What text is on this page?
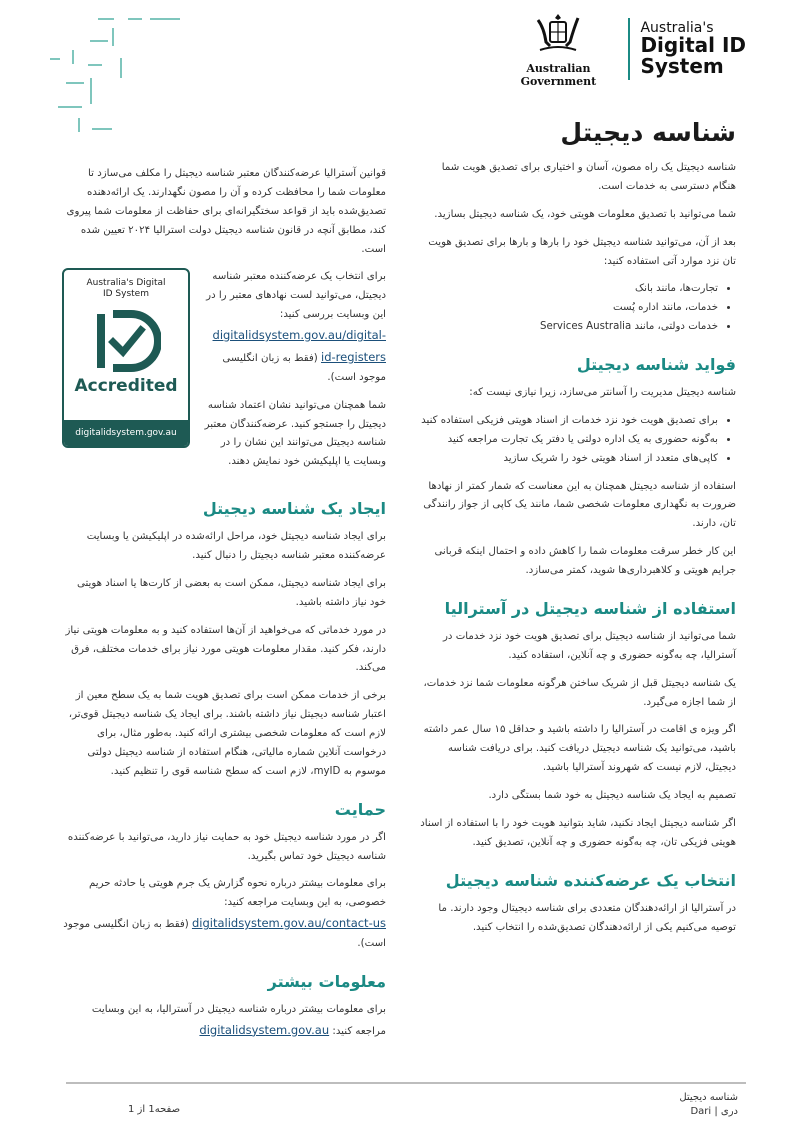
Australian Government
Australia's
Digital ID
System
شناسه دیجیتل

شناسه دیجیتل یک راه مصون، آسان و اختیاری برای تصدیق هویت شما هنگام دسترسی به خدمات است.

شما می‌توانید با تصدیق معلومات هویتی خود، یک شناسه دیجیتل بسازید.

بعد از آن، می‌توانید شناسه دیجیتل خود را بارها و بارها برای تصدیق هویت تان نزد موارد آتی استفاده کنید:

• تجارت‌ها، مانند بانک
• خدمات، مانند اداره پُست
• خدمات دولتی، مانند Services Australia
فواید شناسه دیجیتل

شناسه دیجیتل مدیریت را آسانتر می‌سازد، زیرا نیازی نیست که:

• برای تصدیق هویت خود نزد خدمات از اسناد هویتی فزیکی استفاده کنید
• به‌گونه حضوری به یک اداره دولتی یا دفتر یک تجارت مراجعه کنید
• کاپی‌های متعدد از اسناد هویتی خود را شریک سازید

استفاده از شناسه دیجیتل همچنان به این معناست که شمار کمتر از نهادها ضرورت به نگهداری معلومات شخصی شما، مانند یک کاپی از جواز رانندگی تان، دارند.

این کار خطر سرقت معلومات شما را کاهش داده و احتمال اینکه قربانی جرایم هویتی و کلاهبرداری‌ها شوید، کمتر می‌سازد.

استفاده از شناسه دیجیتل در آسترالیا

شما می‌توانید از شناسه دیجیتل برای تصدیق هویت خود نزد خدمات در آسترالیا، چه به‌گونه حضوری و چه آنلاین، استفاده کنید.

یک شناسه دیجیتل قبل از شریک ساختن هرگونه معلومات شما نزد خدمات، از شما اجازه می‌گیرد.

اگر ویزه ی اقامت در آسترالیا را داشته باشید و حداقل ۱۵ سال عمر داشته باشید، می‌توانید یک شناسه دیجیتل دریافت کنید. برای دریافت شناسه دیجیتل، لازم نیست که شهروند آسترالیا باشید.

تصمیم به ایجاد یک شناسه دیجیتل به خود شما بستگی دارد.

اگر شناسه دیجیتل ایجاد نکنید، شاید بتوانید هویت خود را با استفاده از اسناد هویتی فزیکی تان، چه به‌گونه حضوری و چه آنلاین، تصدیق کنید.

انتخاب یک عرضه‌کننده شناسه دیجیتل

در آسترالیا از ارائه‌دهندگان متعددی برای شناسه دیجیتال وجود دارند. ما توصیه می‌کنیم یکی از ارائه‌دهندگان تصدیق‌شده را انتخاب کنید.

قوانین آسترالیا عرضه‌کنندگان معتبر شناسه دیجیتل را مکلف می‌سازد تا معلومات شما را محافظت کرده و آن را مصون نگهدارند. یک ارائه‌دهنده تصدیق‌شده باید از قواعد سختگیرانه‌ای برای حفاظت از معلومات شما پیروی کند، مطابق آنچه در قانون شناسه دیجیتل دولت استرالیا ۲۰۲۴ تعیین شده است.

برای انتخاب یک عرضه‌کننده معتبر شناسه دیجیتل، می‌توانید لست نهادهای معتبر را در این وبسایت بررسی کنید: digitalidsystem.gov.au/digital-id-registers (فقط به زبان انگلیسی موجود است).

شما همچنان می‌توانید نشان اعتماد شناسه دیجیتل را جستجو کنید. عرضه‌کنندگان معتبر شناسه دیجیتل می‌توانند این نشان را در وبسایت یا اپلیکیشن خود نمایش دهند.

Australia's Digital
ID System
Accredited
digitalidsystem.gov.au
ایجاد یک شناسه دیجیتل

برای ایجاد شناسه دیجیتل خود، مراحل ارائه‌شده در اپلیکیشن یا وبسایت عرضه‌کننده معتبر شناسه دیجیتل را دنبال کنید.

برای ایجاد شناسه دیجیتل، ممکن است به بعضی از کارت‌ها یا اسناد هویتی خود نیاز داشته باشید.

در مورد خدماتی که می‌خواهید از آن‌ها استفاده کنید و به معلومات هویتی نیاز دارند، فکر کنید. مقدار معلومات هویتی مورد نیاز برای خدمات مختلف، فرق می‌کند.

برخی از خدمات ممکن است برای تصدیق هویت شما به یک سطح معین از اعتبار شناسه دیجیتل نیاز داشته باشند. برای ایجاد یک شناسه دیجیتل قوی‌تر، لازم است که معلومات شخصی بیشتری ارائه کنید. به‌طور مثال، برای درخواست آنلاین شماره مالیاتی، هنگام استفاده از شناسه دیجیتل دولتی موسوم به myID، لازم است که سطح شناسه قوی را تنظیم کنید.

حمایت

اگر در مورد شناسه دیجیتل خود به حمایت نیاز دارید، می‌توانید با عرضه‌کننده شناسه دیجیتل خود تماس بگیرید.

برای معلومات بیشتر درباره نحوه گزارش یک جرم هویتی یا حادثه حریم خصوصی، به این وبسایت مراجعه کنید: digitalidsystem.gov.au/contact-us (فقط به زبان انگلیسی موجود است).

معلومات بیشتر

برای معلومات بیشتر درباره شناسه دیجیتل در آسترالیا، به این وبسایت مراجعه کنید: digitalidsystem.gov.au

شناسه دیجیتل
Dari | دری
صفحه1 از 1
